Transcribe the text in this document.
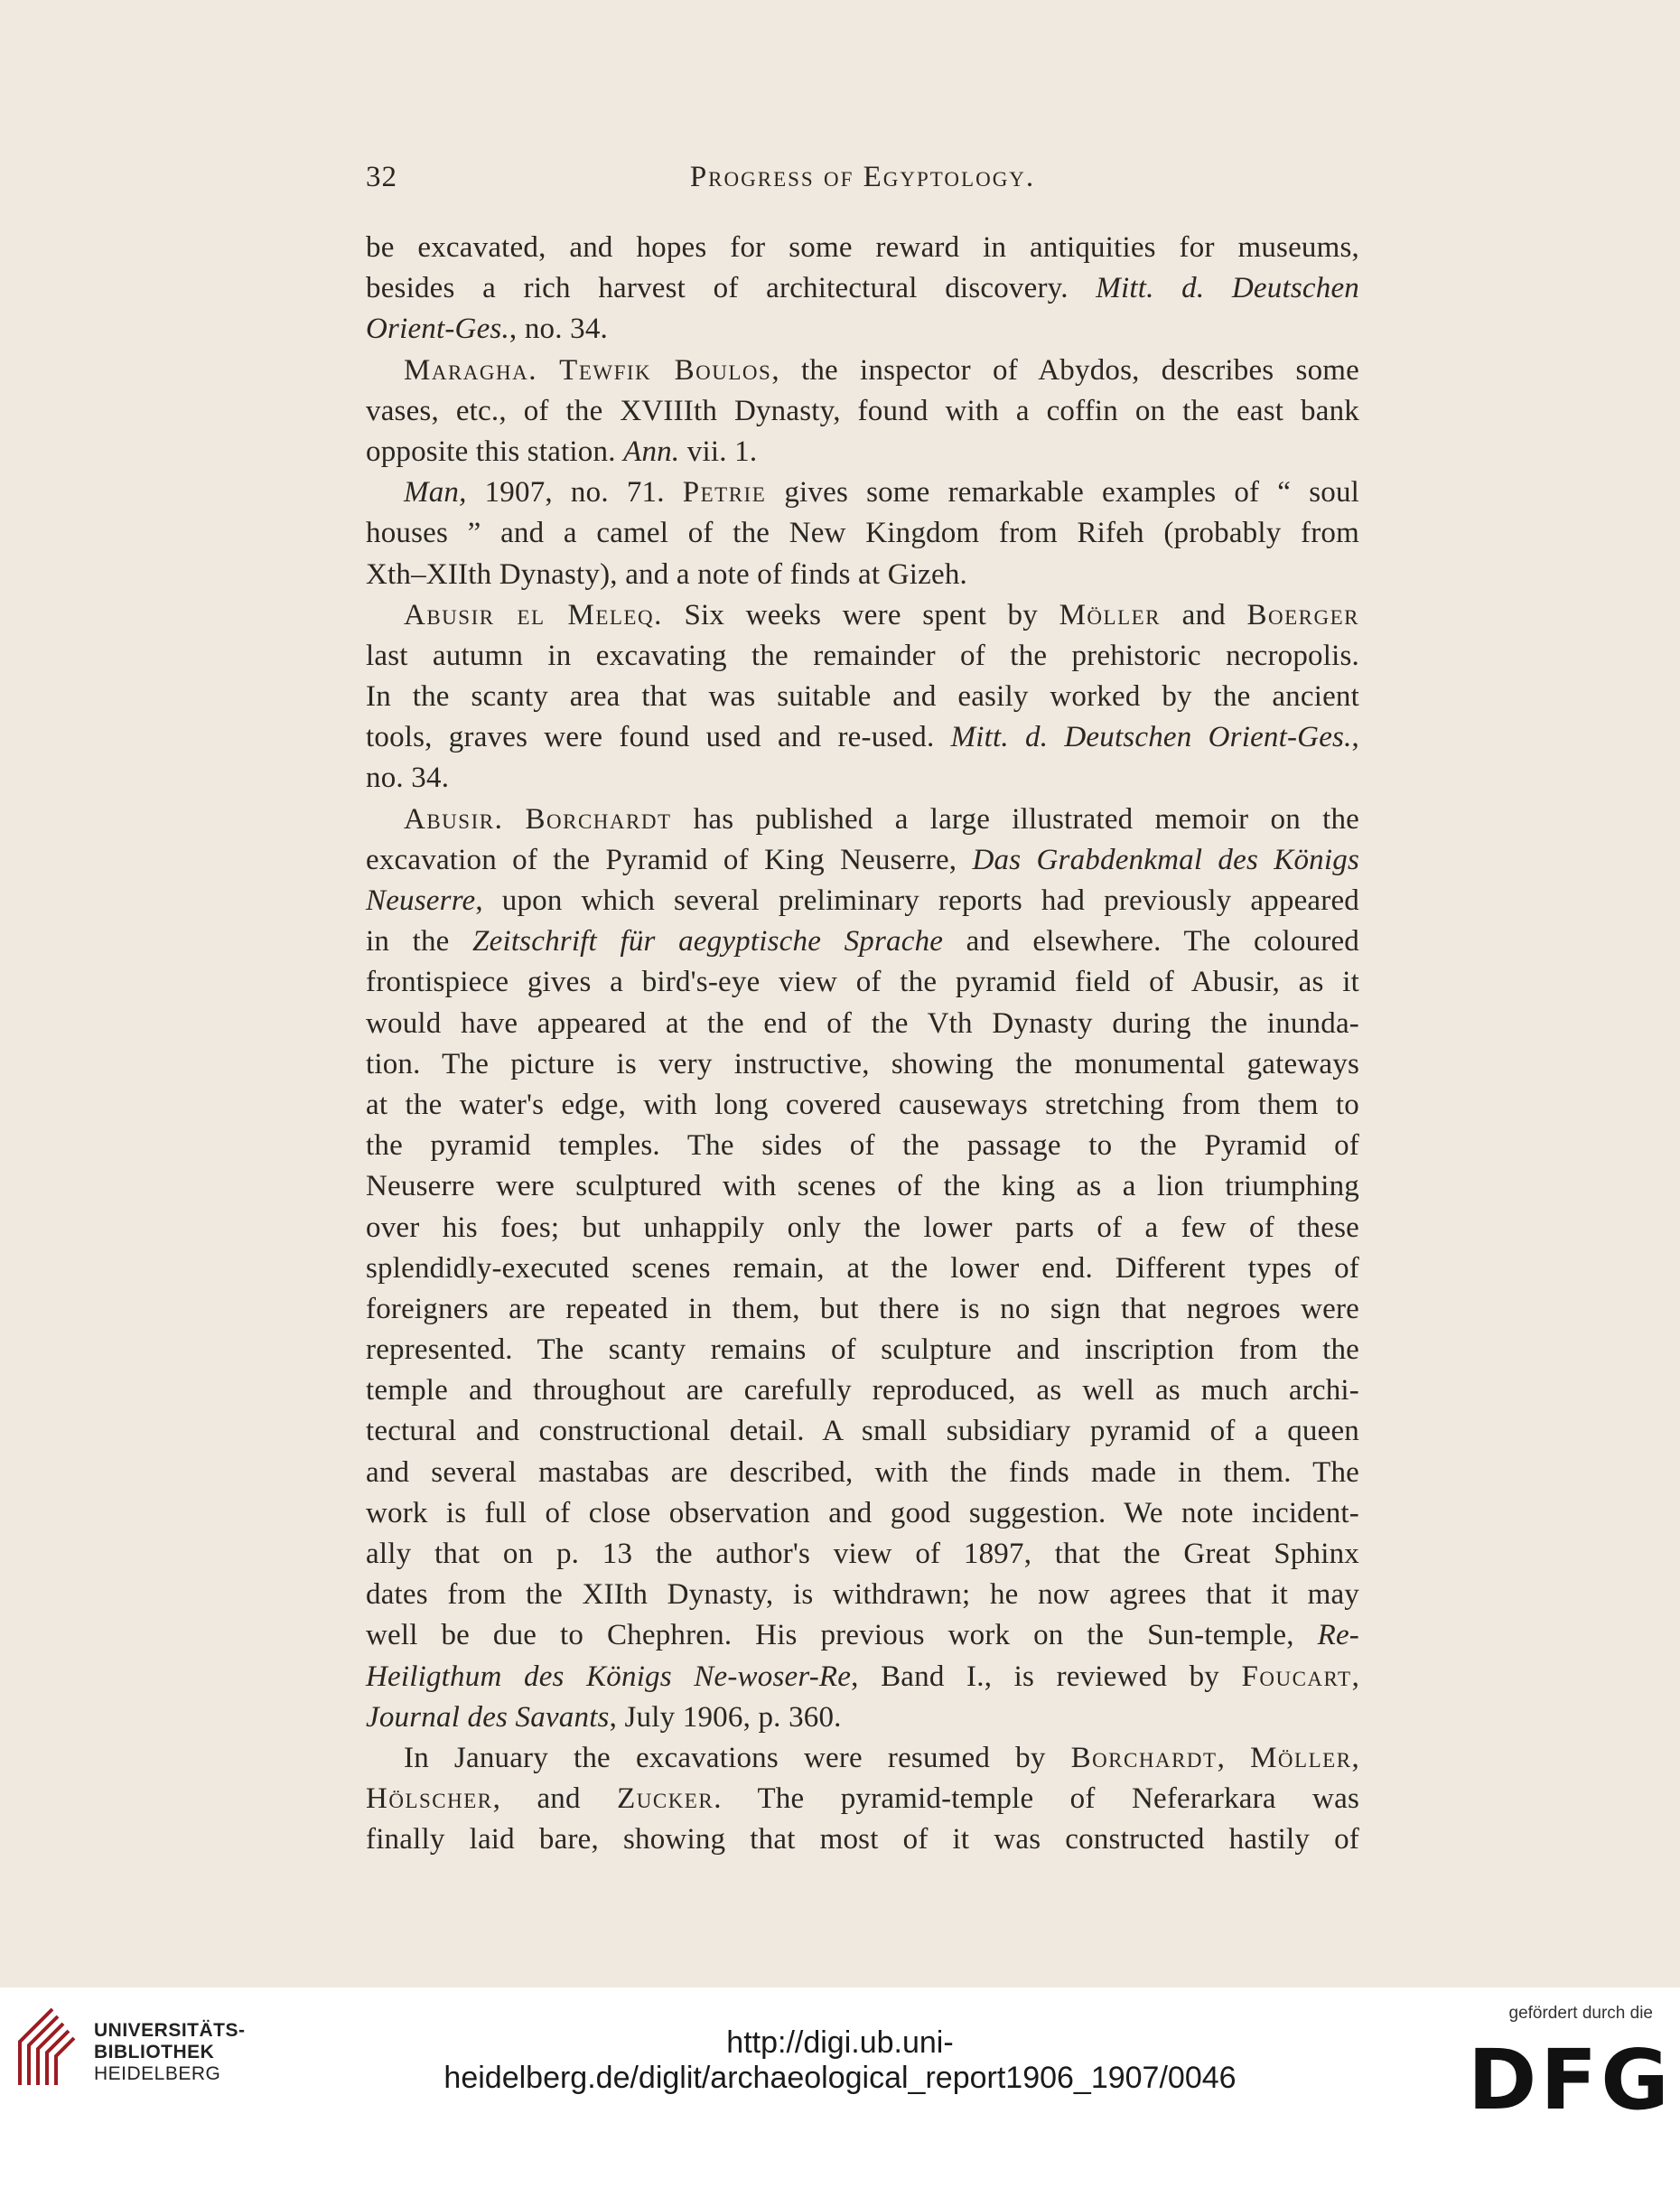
32	Progress of Egyptology.
be excavated, and hopes for some reward in antiquities for museums,
besides a rich harvest of architectural discovery. Mitt. d. Deutschen
Orient-Ges., no. 34.
Maragha. Tewfik Boulos, the inspector of Abydos, describes some
vases, etc., of the XVIIIth Dynasty, found with a coffin on the east bank
opposite this station. Ann. vii. 1.
Man, 1907, no. 71. Petrie gives some remarkable examples of “ soul
houses ” and a camel of the New Kingdom from Rifeh (probably from
Xth–XIIth Dynasty), and a note of finds at Gizeh.
Abusir el Meleq. Six weeks were spent by Möller and Boerger
last autumn in excavating the remainder of the prehistoric necropolis.
In the scanty area that was suitable and easily worked by the ancient
tools, graves were found used and re-used. Mitt. d. Deutschen Orient-Ges.,
no. 34.
Abusir. Borchardt has published a large illustrated memoir on the
excavation of the Pyramid of King Neuserre, Das Grabdenkmal des Königs
Neuserre, upon which several preliminary reports had previously appeared
in the Zeitschrift für aegyptische Sprache and elsewhere. The coloured
frontispiece gives a bird's-eye view of the pyramid field of Abusir, as it
would have appeared at the end of the Vth Dynasty during the inunda-
tion. The picture is very instructive, showing the monumental gateways
at the water's edge, with long covered causeways stretching from them to
the pyramid temples. The sides of the passage to the Pyramid of
Neuserre were sculptured with scenes of the king as a lion triumphing
over his foes; but unhappily only the lower parts of a few of these
splendidly-executed scenes remain, at the lower end. Different types of
foreigners are repeated in them, but there is no sign that negroes were
represented. The scanty remains of sculpture and inscription from the
temple and throughout are carefully reproduced, as well as much archi-
tectural and constructional detail. A small subsidiary pyramid of a queen
and several mastabas are described, with the finds made in them. The
work is full of close observation and good suggestion. We note incident-
ally that on p. 13 the author's view of 1897, that the Great Sphinx
dates from the XIIth Dynasty, is withdrawn; he now agrees that it may
well be due to Chephren. His previous work on the Sun-temple, Re-
Heiligthum des Königs Ne-woser-Re, Band I., is reviewed by Foucart,
Journal des Savants, July 1906, p. 360.
In January the excavations were resumed by Borchardt, Möller,
Hölscher, and Zucker. The pyramid-temple of Neferarkara was
finally laid bare, showing that most of it was constructed hastily of
UNIVERSITÄTS-
BIBLIOTHEK
HEIDELBERG
http://digi.ub.uni-heidelberg.de/diglit/archaeological_report1906_1907/0046
gefördert durch die
DFG
